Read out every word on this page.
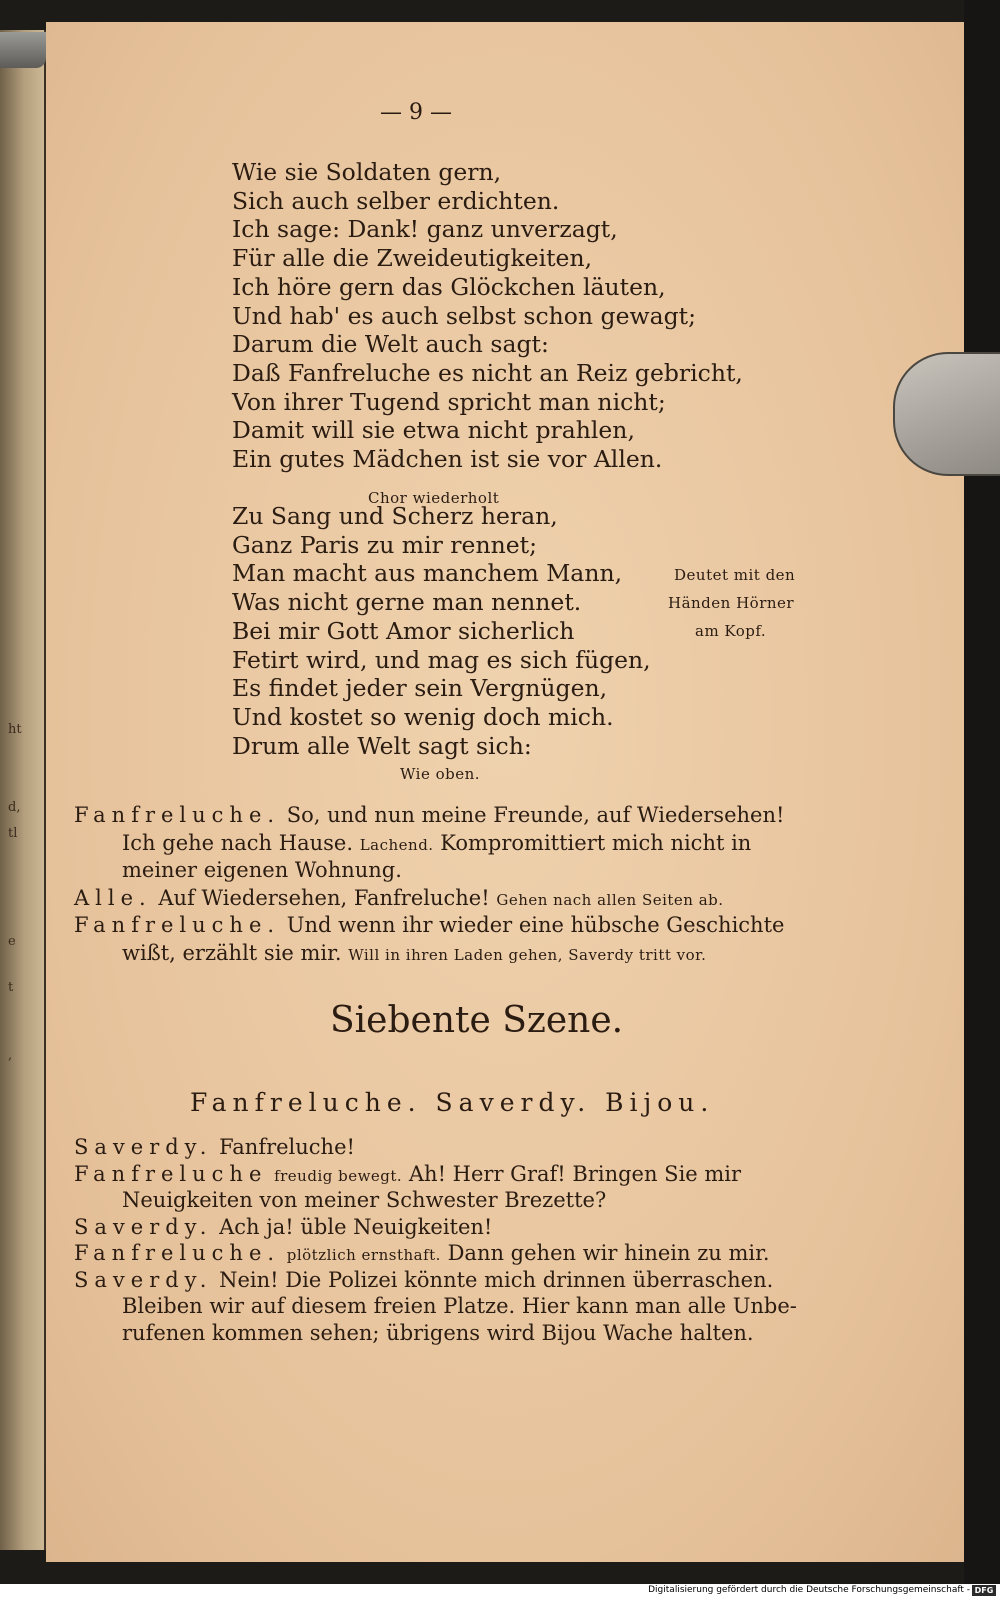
ht
d,
tl
e
t
,
— 9 —
Wie sie Soldaten gern,
Sich auch selber erdichten.
Ich sage: Dank! ganz unverzagt,
Für alle die Zweideutigkeiten,
Ich höre gern das Glöckchen läuten,
Und hab' es auch selbst schon gewagt;
Darum die Welt auch sagt:
Daß Fanfreluche es nicht an Reiz gebricht,
Von ihrer Tugend spricht man nicht;
Damit will sie etwa nicht prahlen,
Ein gutes Mädchen ist sie vor Allen.
Chor wiederholt
Zu Sang und Scherz heran,
Ganz Paris zu mir rennet;
Man macht aus manchem Mann,
Was nicht gerne man nennet.
Bei mir Gott Amor sicherlich
Fetirt wird, und mag es sich fügen,
Es findet jeder sein Vergnügen,
Und kostet so wenig doch mich.
Drum alle Welt sagt sich:
Deutet mit den
Händen Hörner
am Kopf.
Wie oben.
Fanfreluche. So, und nun meine Freunde, auf Wiedersehen!
Ich gehe nach Hause. Lachend. Kompromittiert mich nicht in
meiner eigenen Wohnung.
Alle. Auf Wiedersehen, Fanfreluche! Gehen nach allen Seiten ab.
Fanfreluche. Und wenn ihr wieder eine hübsche Geschichte
wißt, erzählt sie mir. Will in ihren Laden gehen, Saverdy tritt vor.
Siebente Szene.
Fanfreluche. Saverdy. Bijou.
Saverdy. Fanfreluche!
Fanfreluche freudig bewegt. Ah! Herr Graf! Bringen Sie mir
Neuigkeiten von meiner Schwester Brezette?
Saverdy. Ach ja! üble Neuigkeiten!
Fanfreluche. plötzlich ernsthaft. Dann gehen wir hinein zu mir.
Saverdy. Nein! Die Polizei könnte mich drinnen überraschen.
Bleiben wir auf diesem freien Platze. Hier kann man alle Unbe-
rufenen kommen sehen; übrigens wird Bijou Wache halten.
Digitalisierung gefördert durch die Deutsche Forschungsgemeinschaft - DFG
